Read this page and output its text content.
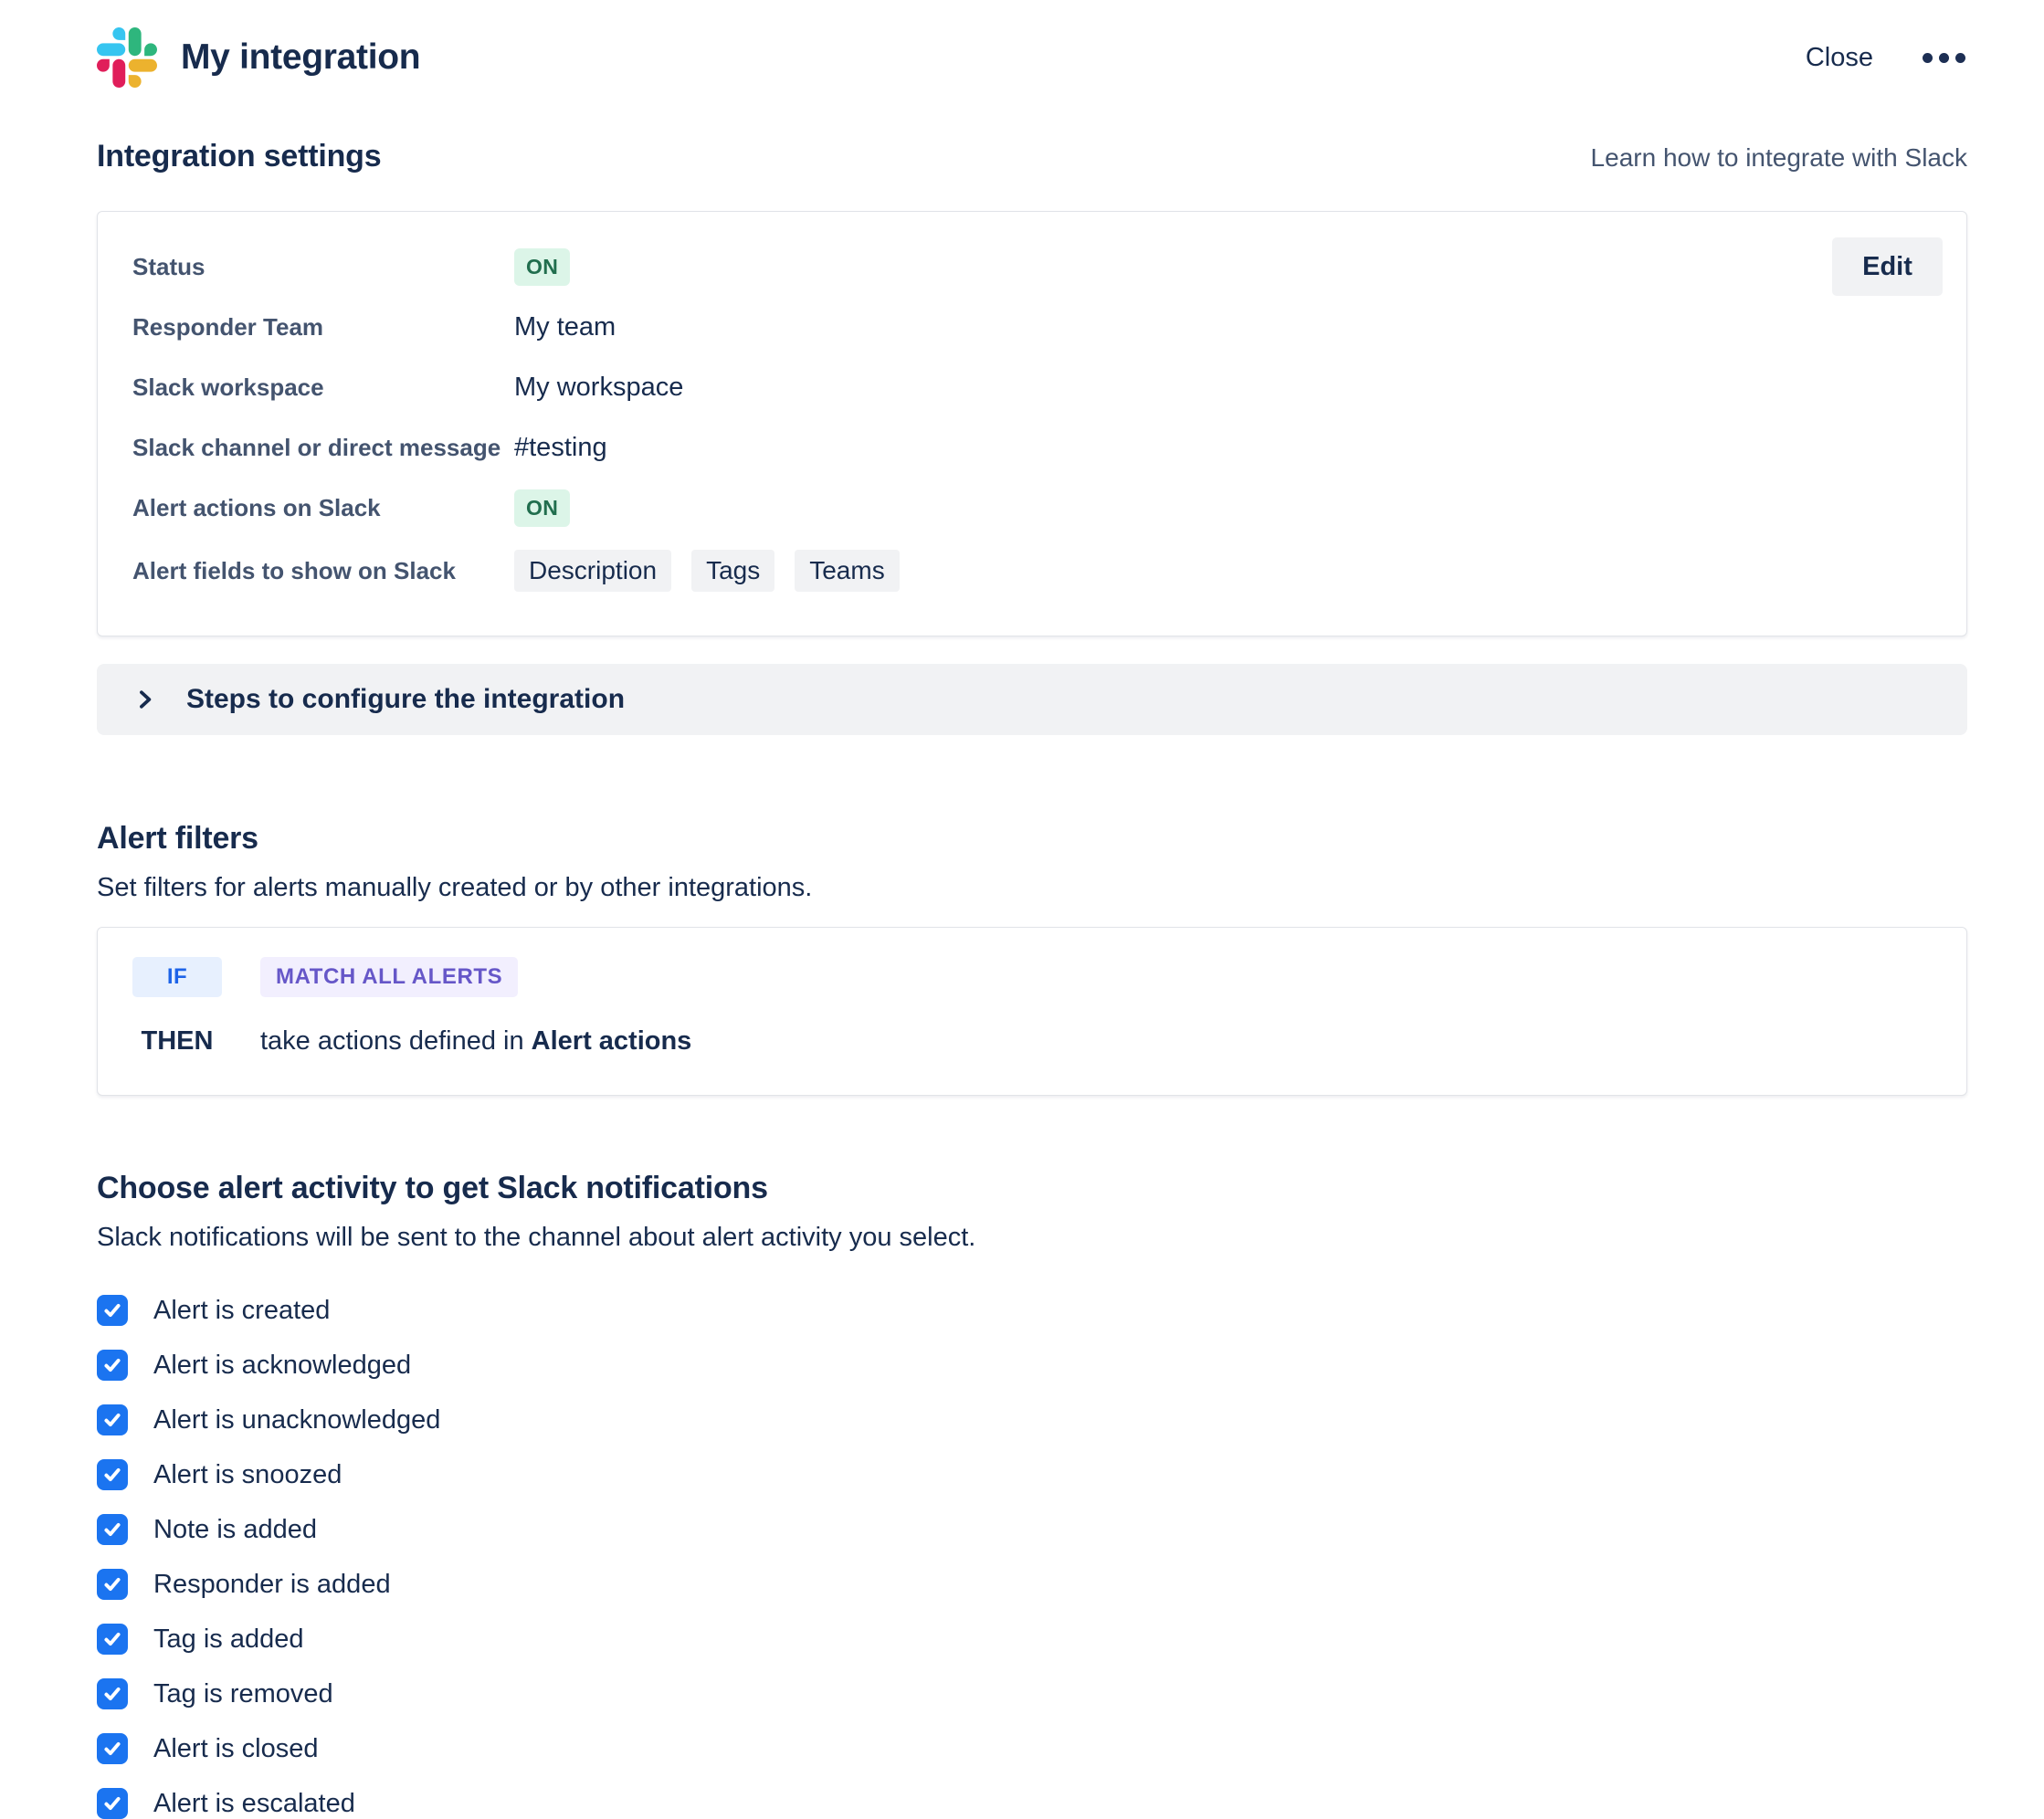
My integration	Close
Integration settings	Learn how to integrate with Slack
Edit
Status	ON
Responder Team	My team
Slack workspace	My workspace
Slack channel or direct message #testing
Alert actions on Slack	ON
Alert fields to show on Slack	Description	Tags	Teams
Steps to configure the integration
Alert filters
Set filters for alerts manually created or by other integrations.
IF	MATCH ALL ALERTS
THEN	take actions defined in Alert actions
Choose alert activity to get Slack notifications
Slack notifications will be sent to the channel about alert activity you select.
Alert is created
Alert is acknowledged
Alert is unacknowledged
Alert is snoozed
Note is added
Responder is added
Tag is added
Tag is removed
Alert is closed
Alert is escalated
